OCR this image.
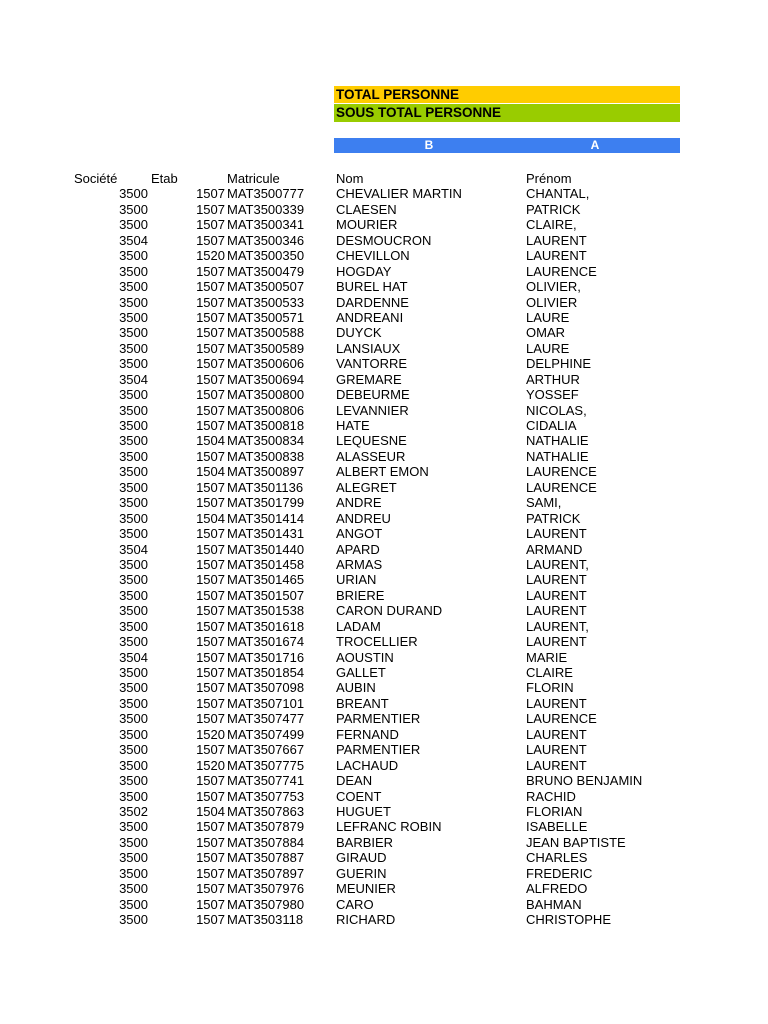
TOTAL PERSONNE
SOUS TOTAL PERSONNE
B	A
Société	Etab	Matricule	Nom	Prénom
3500	1507 MAT3500777 CHEVALIER MARTIN	CHANTAL,
3500	1507 MAT3500339 CLAESEN	PATRICK
3500	1507 MAT3500341 MOURIER	CLAIRE,
3504	1507 MAT3500346 DESMOUCRON	LAURENT
3500	1520 MAT3500350 CHEVILLON	LAURENT
3500	1507 MAT3500479 HOGDAY	LAURENCE
3500	1507 MAT3500507 BUREL HAT	OLIVIER,
3500	1507 MAT3500533 DARDENNE	OLIVIER
3500	1507 MAT3500571 ANDREANI	LAURE
3500	1507 MAT3500588 DUYCK	OMAR
3500	1507 MAT3500589 LANSIAUX	LAURE
3500	1507 MAT3500606 VANTORRE	DELPHINE
3504	1507 MAT3500694 GREMARE	ARTHUR
3500	1507 MAT3500800 DEBEURME	YOSSEF
3500	1507 MAT3500806 LEVANNIER	NICOLAS,
3500	1507 MAT3500818 HATE	CIDALIA
3500	1504 MAT3500834 LEQUESNE	NATHALIE
3500	1507 MAT3500838 ALASSEUR	NATHALIE
3500	1504 MAT3500897 ALBERT EMON	LAURENCE
3500	1507 MAT3501136	ALEGRET	LAURENCE
3500	1507 MAT3501799 ANDRE	SAMI,
3500	1504 MAT3501414 ANDREU	PATRICK
3500	1507 MAT3501431 ANGOT	LAURENT
3504	1507 MAT3501440 APARD	ARMAND
3500	1507 MAT3501458 ARMAS	LAURENT,
3500	1507 MAT3501465 URIAN	LAURENT
3500	1507 MAT3501507 BRIERE	LAURENT
3500	1507 MAT3501538 CARON DURAND	LAURENT
3500	1507 MAT3501618 LADAM	LAURENT,
3500	1507 MAT3501674 TROCELLIER	LAURENT
3504	1507 MAT3501716 AOUSTIN	MARIE
3500	1507 MAT3501854 GALLET	CLAIRE
3500	1507 MAT3507098 AUBIN	FLORIN
3500	1507 MAT3507101 BREANT	LAURENT
3500	1507 MAT3507477 PARMENTIER	LAURENCE
3500	1520 MAT3507499 FERNAND	LAURENT
3500	1507 MAT3507667 PARMENTIER	LAURENT
3500	1520 MAT3507775 LACHAUD	LAURENT
3500	1507 MAT3507741 DEAN	BRUNO BENJAMIN
3500	1507 MAT3507753 COENT	RACHID
3502	1504 MAT3507863 HUGUET	FLORIAN
3500	1507 MAT3507879 LEFRANC ROBIN	ISABELLE
3500	1507 MAT3507884 BARBIER	JEAN BAPTISTE
3500	1507 MAT3507887 GIRAUD	CHARLES
3500	1507 MAT3507897 GUERIN	FREDERIC
3500	1507 MAT3507976 MEUNIER	ALFREDO
3500	1507 MAT3507980 CARO	BAHMAN
3500	1507 MAT3503118	RICHARD	CHRISTOPHE
